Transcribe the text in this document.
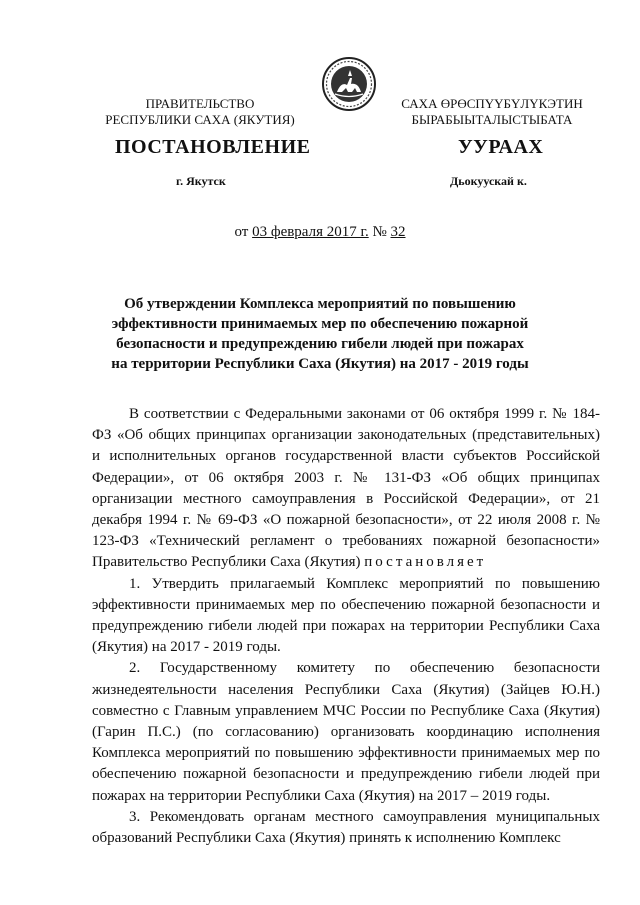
ПРАВИТЕЛЬСТВО
РЕСПУБЛИКИ САХА (ЯКУТИЯ)
САХА ӨРӨСПҮҮБҮЛҮКЭТИН
БЫРАБЫЫТАЛЫСТЫБАТА
ПОСТАНОВЛЕНИЕ	УУРААХ
г. Якутск	Дьокуускай к.
от 03 февраля 2017 г. № 32
Об утверждении Комплекса мероприятий по повышению
эффективности принимаемых мер по обеспечению пожарной
безопасности и предупреждению гибели людей при пожарах
на территории Республики Саха (Якутия) на 2017 - 2019 годы

В соответствии с Федеральными законами от 06 октября 1999 г. № 184-ФЗ «Об общих принципах организации законодательных (представительных) и исполнительных органов государственной власти субъектов Российской Федерации», от 06 октября 2003 г. № 131-ФЗ «Об общих принципах организации местного самоуправления в Российской Федерации», от 21 декабря 1994 г. № 69-ФЗ «О пожарной безопасности», от 22 июля 2008 г. № 123-ФЗ «Технический регламент о требованиях пожарной безопасности» Правительство Республики Саха (Якутия) постановляет

1. Утвердить прилагаемый Комплекс мероприятий по повышению эффективности принимаемых мер по обеспечению пожарной безопасности и предупреждению гибели людей при пожарах на территории Республики Саха (Якутия) на 2017 - 2019 годы.

2. Государственному комитету по обеспечению безопасности жизнедеятельности населения Республики Саха (Якутия) (Зайцев Ю.Н.) совместно с Главным управлением МЧС России по Республике Саха (Якутия) (Гарин П.С.) (по согласованию) организовать координацию исполнения Комплекса мероприятий по повышению эффективности принимаемых мер по обеспечению пожарной безопасности и предупреждению гибели людей при пожарах на территории Республики Саха (Якутия) на 2017 – 2019 годы.

3. Рекомендовать органам местного самоуправления муниципальных образований Республики Саха (Якутия) принять к исполнению Комплекс
